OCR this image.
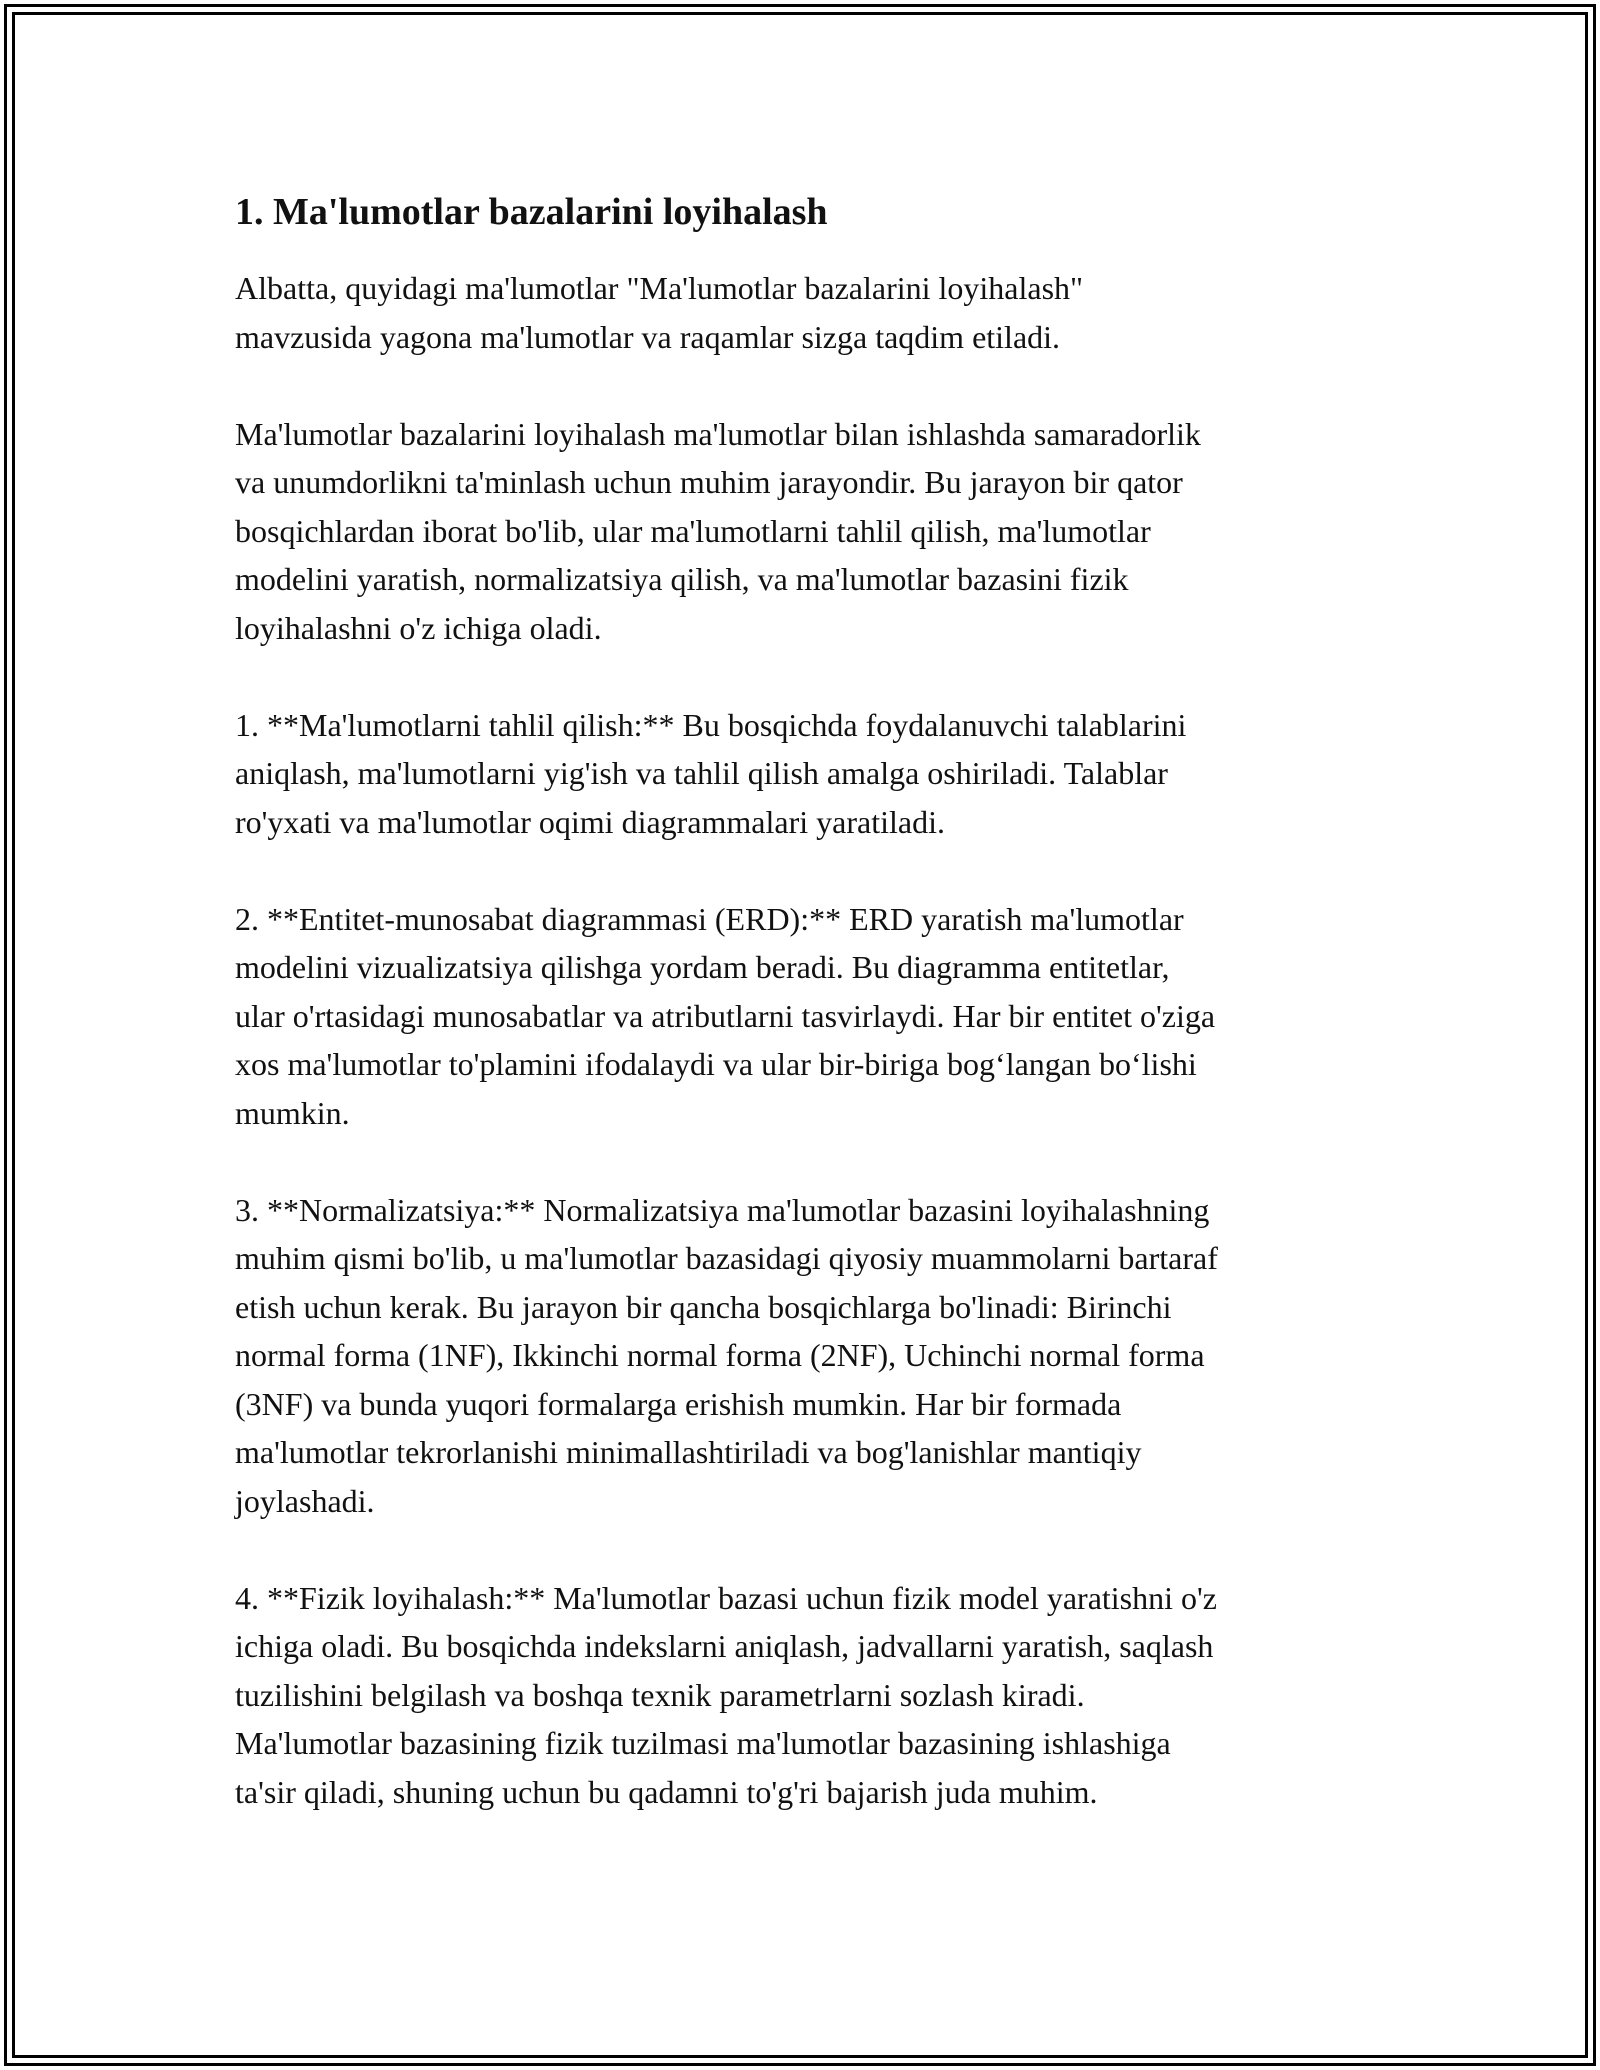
1. Ma'lumotlar bazalarini loyihalash

Albatta, quyidagi ma'lumotlar "Ma'lumotlar bazalarini loyihalash"
mavzusida yagona ma'lumotlar va raqamlar sizga taqdim etiladi.

Ma'lumotlar bazalarini loyihalash ma'lumotlar bilan ishlashda samaradorlik
va unumdorlikni ta'minlash uchun muhim jarayondir. Bu jarayon bir qator
bosqichlardan iborat bo'lib, ular ma'lumotlarni tahlil qilish, ma'lumotlar
modelini yaratish, normalizatsiya qilish, va ma'lumotlar bazasini fizik
loyihalashni o'z ichiga oladi.

1. **Ma'lumotlarni tahlil qilish:** Bu bosqichda foydalanuvchi talablarini
aniqlash, ma'lumotlarni yig'ish va tahlil qilish amalga oshiriladi. Talablar
ro'yxati va ma'lumotlar oqimi diagrammalari yaratiladi.

2. **Entitet-munosabat diagrammasi (ERD):** ERD yaratish ma'lumotlar
modelini vizualizatsiya qilishga yordam beradi. Bu diagramma entitetlar,
ular o'rtasidagi munosabatlar va atributlarni tasvirlaydi. Har bir entitet o'ziga
xos ma'lumotlar to'plamini ifodalaydi va ular bir-biriga bog‘langan bo‘lishi
mumkin.

3. **Normalizatsiya:** Normalizatsiya ma'lumotlar bazasini loyihalashning
muhim qismi bo'lib, u ma'lumotlar bazasidagi qiyosiy muammolarni bartaraf
etish uchun kerak. Bu jarayon bir qancha bosqichlarga bo'linadi: Birinchi
normal forma (1NF), Ikkinchi normal forma (2NF), Uchinchi normal forma
(3NF) va bunda yuqori formalarga erishish mumkin. Har bir formada
ma'lumotlar tekrorlanishi minimallashtiriladi va bog'lanishlar mantiqiy
joylashadi.

4. **Fizik loyihalash:** Ma'lumotlar bazasi uchun fizik model yaratishni o'z
ichiga oladi. Bu bosqichda indekslarni aniqlash, jadvallarni yaratish, saqlash
tuzilishini belgilash va boshqa texnik parametrlarni sozlash kiradi.
Ma'lumotlar bazasining fizik tuzilmasi ma'lumotlar bazasining ishlashiga
ta'sir qiladi, shuning uchun bu qadamni to'g'ri bajarish juda muhim.
